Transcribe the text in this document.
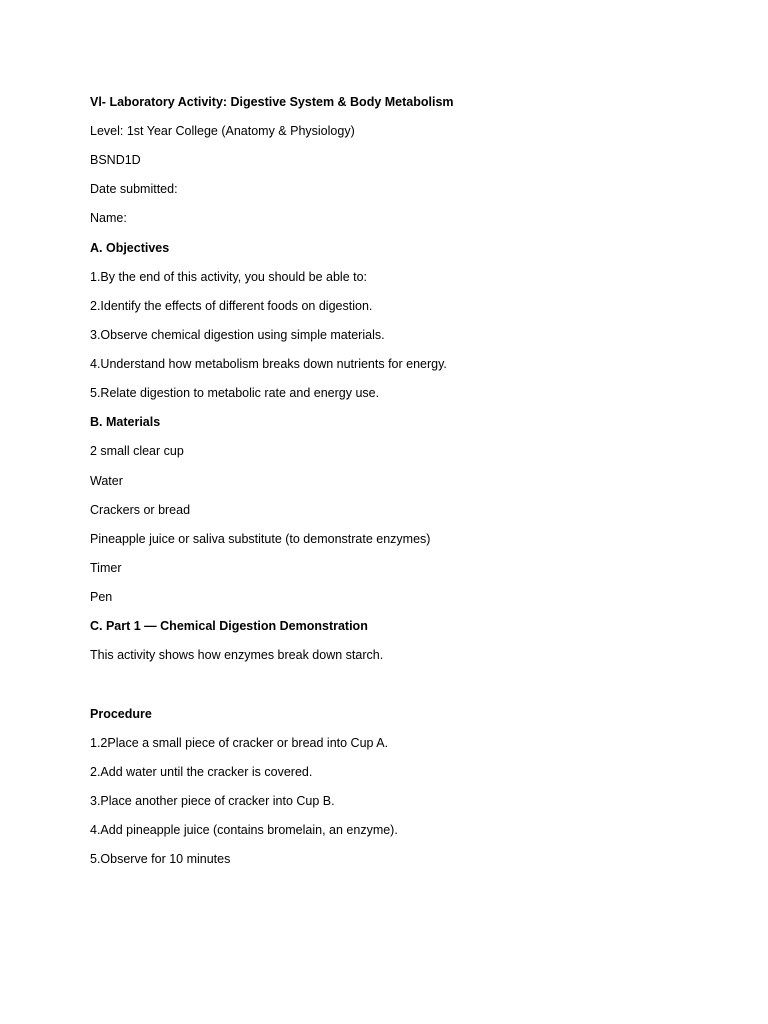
Vl- Laboratory Activity: Digestive System & Body Metabolism

Level: 1st Year College (Anatomy & Physiology)

BSND1D

Date submitted:

Name:

A. Objectives

1.By the end of this activity, you should be able to:

2.Identify the effects of different foods on digestion.

3.Observe chemical digestion using simple materials.

4.Understand how metabolism breaks down nutrients for energy.

5.Relate digestion to metabolic rate and energy use.

B. Materials

2 small clear cup

Water

Crackers or bread

Pineapple juice or saliva substitute (to demonstrate enzymes)

Timer

Pen

C. Part 1 — Chemical Digestion Demonstration

This activity shows how enzymes break down starch.

Procedure

1.2Place a small piece of cracker or bread into Cup A.

2.Add water until the cracker is covered.

3.Place another piece of cracker into Cup B.

4.Add pineapple juice (contains bromelain, an enzyme).

5.Observe for 10 minutes
